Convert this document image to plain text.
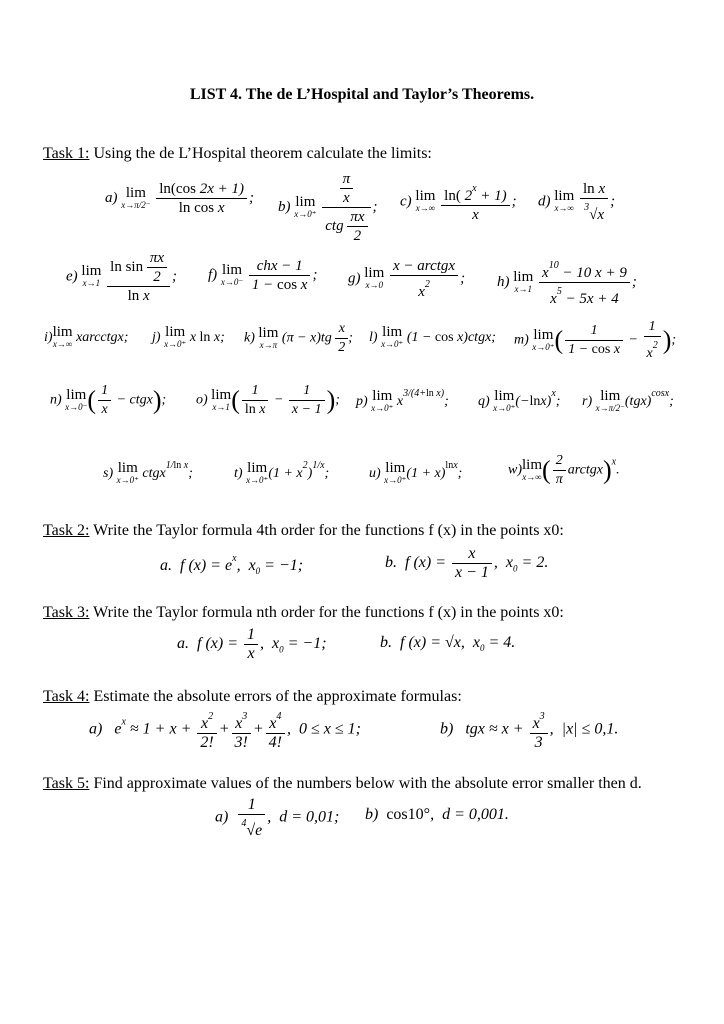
LIST 4. The de L’Hospital and Taylor’s Theorems.
Task 1: Using the de L’Hospital theorem calculate the limits:
a) lim
x→π/2⁻
$\frac{\ln(\cos 2x + 1)}{\text{ln cos x}}$ ;
b) lim
x→0⁺
$\frac{\frac{\pi}{x}}{ctg \frac{\pi x}{2}}$ ; c) lim
x→∞
$\frac{\ln( 2^x + 1)}{x}$ ; d) lim
x→∞
$\frac{\text{ln x}}{^3√x}$ ;
e) lim
x→1
$\frac{\ln \sin \frac{\pi x}{2}}{\text{ln x}}$ ; f) lim
x→0⁻
$\frac{\text{chx − 1}}{\text{1 − cos x}}$ ; g) lim
x→0
$\frac{\text{x − arctgx}}{x^2}$ ; h) lim
x→1
$\frac{x^{10} - 10 x + 9}{x^5 - 5x + 4}$ ;
i) lim
x→∞ xarcctgx; j) lim
x→0⁺ x ln x; k) lim
x→π $(\pi - x)tg \frac{x}{2}$ ; l) lim
x→0⁺ (1 − cos x)ctgx; m) lim
x→0⁺ ( $\frac{1}{\text{1 − cos x}} - \frac{1}{x^2}$ );
n) lim
x→0⁻ ( $\frac{1}{x}$ − ctgx); o) lim
x→1 ( $\frac{1}{\text{ln x}} - \frac{1}{x - 1}$ ); p) lim
x→0⁺ $x^{3/(4+ln x)}$; q) lim
x→0⁺ $(-\ln x)^x$; r) lim
x→π/2⁻ (tgx)$^{cosx}$;
s) lim
x→0⁺ ctgx$^{1/ln x}$;	t) lim
x→0⁺ $(1 + x^2)^{1/x}$;	u) lim
x→0⁺ $(1 + x)^{lnx}$;	w) lim
x→∞ ( $\frac{2}{\pi}$ arctgx)$^x$.
Task 2: Write the Taylor formula 4th order for the functions f (x) in the points x0:
a.  f $(x) = e^x$,  $x_0 = -1$;	b.  f $(x) = \frac{x}{x - 1}$ ,  $x_0 = 2$.
Task 3: Write the Taylor formula nth order for the functions f (x) in the points x0:
a.  f $(x) = \frac{1}{x}$ ,  $x_0 = -1$;	b.  f (x) = √x,  $x_0 = 4$.
Task 4: Estimate the absolute errors of the approximate formulas:
a)   $e^x \approx 1 + x + \frac{x^2}{2!} + \frac{x^3}{3!} + \frac{x^4}{4!}$ ,  0 ≤ x ≤ 1;	b)   tgx ≈ $x + \frac{x^3}{3}$ ,  |x| ≤ 0,1.
Task 5: Find approximate values of the numbers below with the absolute error smaller then d.
$a) \frac{1}{^4√e}$ ,  d = 0,01; b) cos10°,  d = 0,001.
